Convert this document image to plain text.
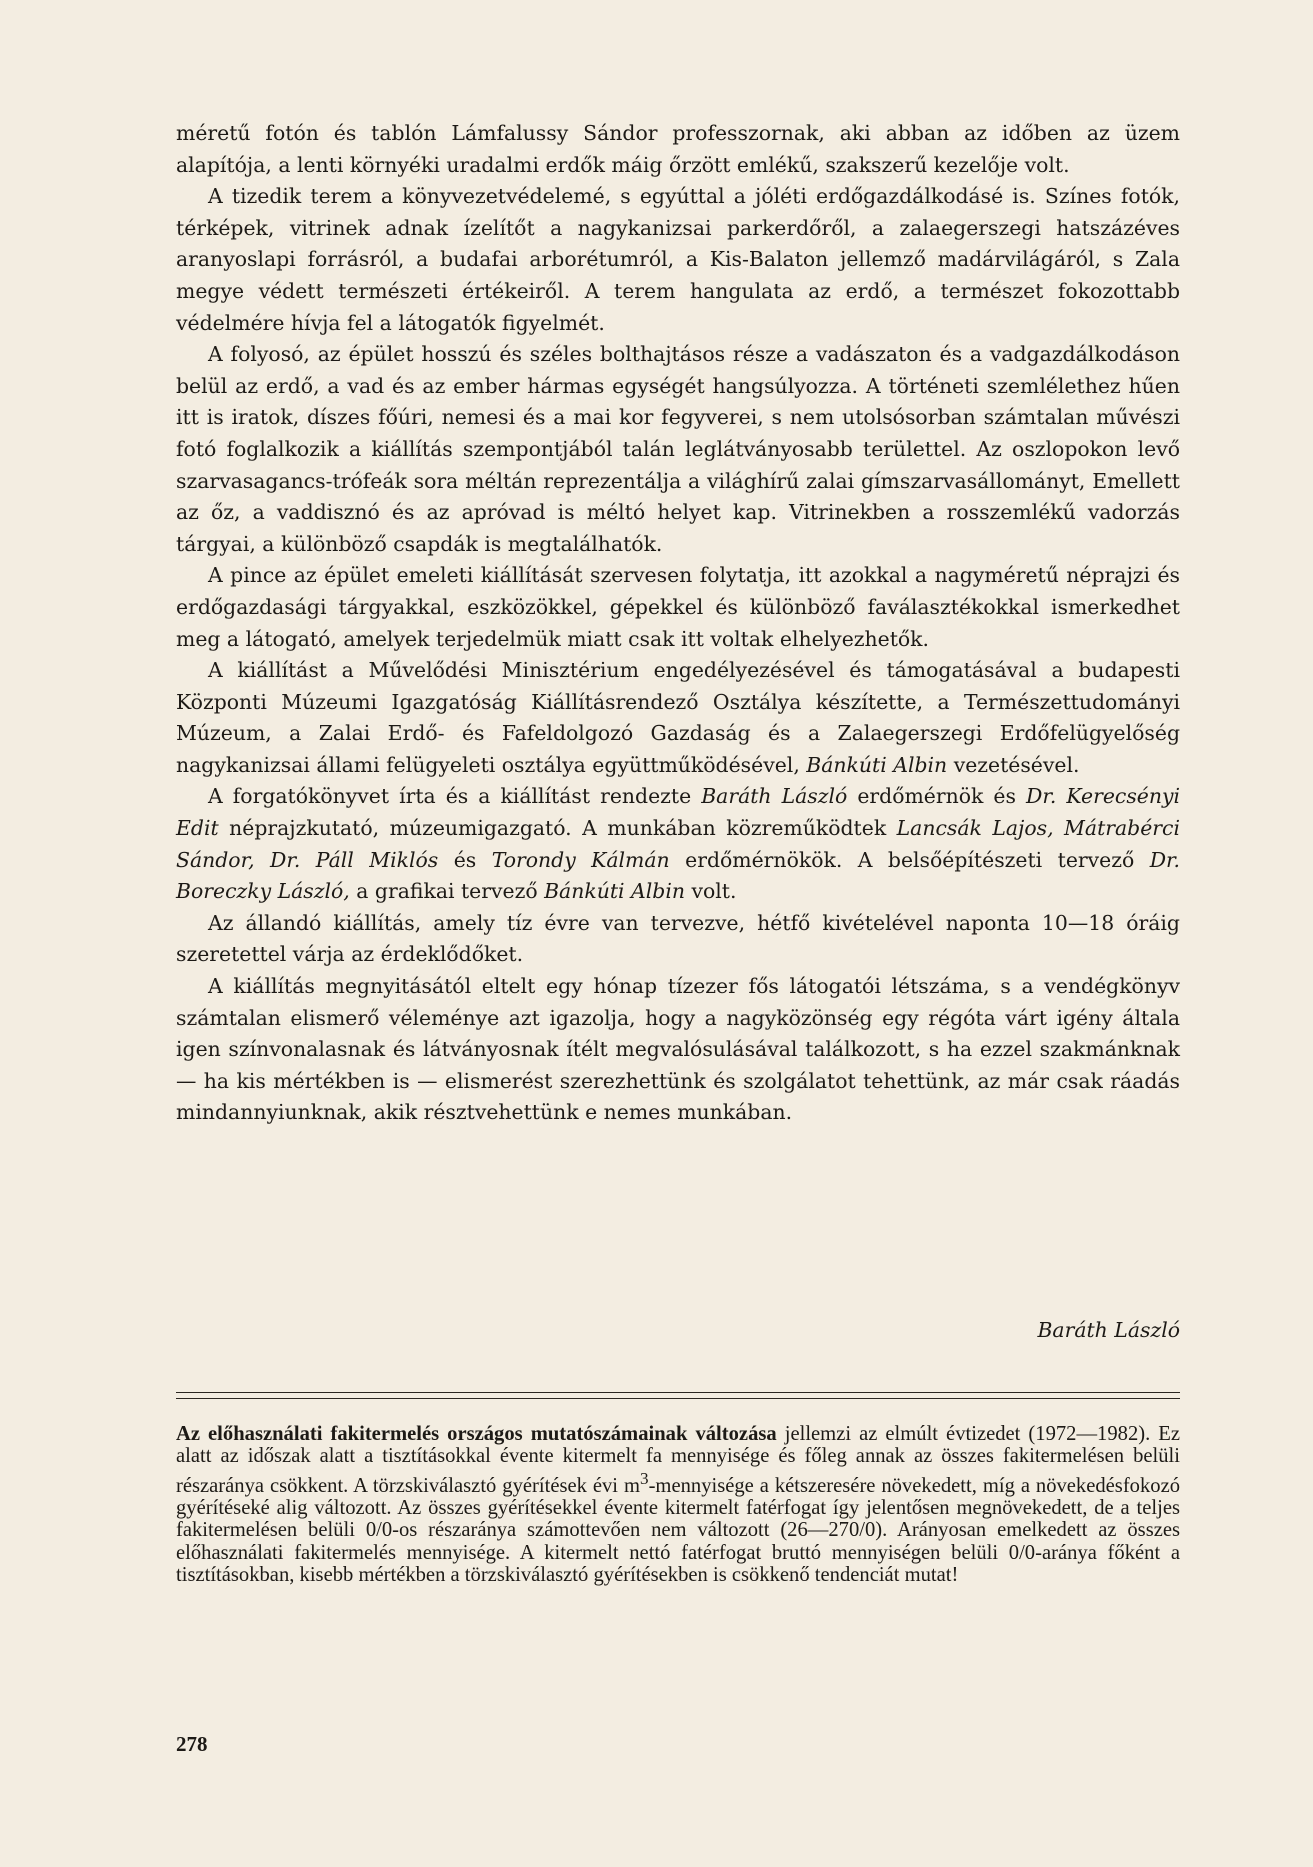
méretű fotón és tablón Lámfalussy Sándor professzornak, aki abban az időben az üzem alapítója, a lenti környéki uradalmi erdők máig őrzött emlékű, szakszerű kezelője volt.

A tizedik terem a könyvezetvédelemé, s egyúttal a jóléti erdőgazdálkodásé is. Színes fotók, térképek, vitrinek adnak ízelítőt a nagykanizsai parkerdőről, a zalaegerszegi hatszázéves aranyoslapi forrásról, a budafai arborétumról, a Kis-Balaton jellemző madárvilágáról, s Zala megye védett természeti értékeiről. A terem hangulata az erdő, a természet fokozottabb védelmére hívja fel a látogatók figyelmét.

A folyosó, az épület hosszú és széles bolthajtásos része a vadászaton és a vadgazdálkodáson belül az erdő, a vad és az ember hármas egységét hangsúlyozza. A történeti szemlélethez hűen itt is iratok, díszes főúri, nemesi és a mai kor fegyverei, s nem utolsósorban számtalan művészi fotó foglalkozik a kiállítás szempontjából talán leglátványosabb területtel. Az oszlopokon levő szarvasagancs-trófeák sora méltán reprezentálja a világhírű zalai gímszarvasállományt, Emellett az őz, a vaddisznó és az apróvad is méltó helyet kap. Vitrinekben a rosszemlékű vadorzás tárgyai, a különböző csapdák is megtalálhatók.

A pince az épület emeleti kiállítását szervesen folytatja, itt azokkal a nagyméretű néprajzi és erdőgazdasági tárgyakkal, eszközökkel, gépekkel és különböző faválasztékokkal ismerkedhet meg a látogató, amelyek terjedelmük miatt csak itt voltak elhelyezhetők.

A kiállítást a Művelődési Minisztérium engedélyezésével és támogatásával a budapesti Központi Múzeumi Igazgatóság Kiállításrendező Osztálya készítette, a Természettudományi Múzeum, a Zalai Erdő- és Fafeldolgozó Gazdaság és a Zalaegerszegi Erdőfelügyelőség nagykanizsai állami felügyeleti osztálya együttműködésével, Bánkúti Albin vezetésével.

A forgatókönyvet írta és a kiállítást rendezte Baráth László erdőmérnök és Dr. Kerecsényi Edit néprajzkutató, múzeumigazgató. A munkában közreműködtek Lancsák Lajos, Mátrabérci Sándor, Dr. Páll Miklós és Torondy Kálmán erdőmérnökök. A belsőépítészeti tervező Dr. Boreczky László, a grafikai tervező Bánkúti Albin volt.

Az állandó kiállítás, amely tíz évre van tervezve, hétfő kivételével naponta 10—18 óráig szeretettel várja az érdeklődőket.

A kiállítás megnyitásától eltelt egy hónap tízezer fős látogatói létszáma, s a vendégkönyv számtalan elismerő véleménye azt igazolja, hogy a nagyközönség egy régóta várt igény általa igen színvonalasnak és látványosnak ítélt megvalósulásával találkozott, s ha ezzel szakmánknak — ha kis mértékben is — elismerést szerezhettünk és szolgálatot tehettünk, az már csak ráadás mindannyiunknak, akik résztvehettünk e nemes munkában.

Baráth László

Az előhasználati fakitermelés országos mutatószámainak változása jellemzi az elmúlt évtizedet (1972—1982). Ez alatt az időszak alatt a tisztításokkal évente kitermelt fa mennyisége és főleg annak az összes fakitermelésen belüli részaránya csökkent. A törzskiválasztó gyérítések évi $m^3$-mennyisége a kétszeresére növekedett, míg a növekedésfokozó gyérítéseké alig változott. Az összes gyérítésekkel évente kitermelt fatérfogat így jelentősen megnövekedett, de a teljes fakitermelésen belüli 0/0-os részaránya számottevően nem változott (26—270/0). Arányosan emelkedett az összes előhasználati fakitermelés mennyisége. A kitermelt nettó fatérfogat bruttó mennyiségen belüli 0/0-aránya főként a tisztításokban, kisebb mértékben a törzskiválasztó gyérítésekben is csökkenő tendenciát mutat!

278
